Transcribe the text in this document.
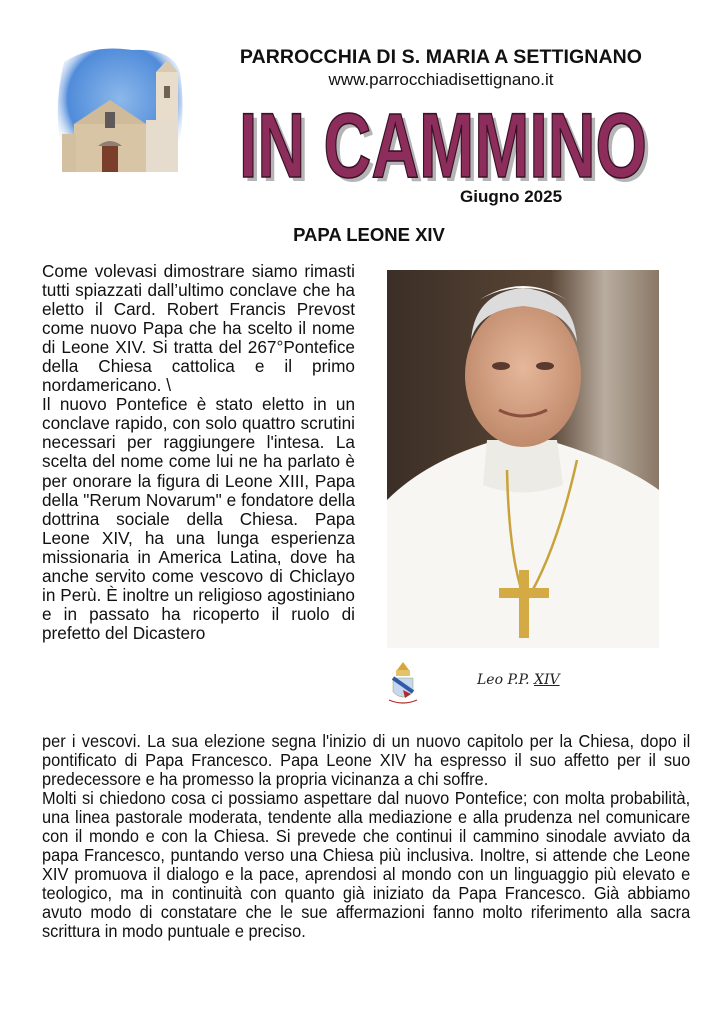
PARROCCHIA DI S. MARIA A SETTIGNANO
www.parrocchiadisettignano.it
IN CAMMINO
IN CAMMINO
Giugno 2025
PAPA LEONE XIV

Come volevasi dimostrare siamo rimasti tutti spiazzati dall’ultimo conclave che ha eletto il Card. Robert Francis Prevost come nuovo Papa che ha scelto il nome di Leone XIV. Si tratta del 267°Pontefice della Chiesa cattolica e il primo nordamericano. \

Il nuovo Pontefice è stato eletto in un conclave rapido, con solo quattro scrutini necessari per raggiungere l'intesa. La scelta del nome come lui ne ha parlato è per onorare la figura di Leone XIII, Papa della "Rerum Novarum" e fondatore della dottrina sociale della Chiesa. Papa Leone XIV, ha una lunga esperienza missionaria in America Latina, dove ha anche servito come vescovo di Chiclayo in Perù. È inoltre un religioso agostiniano e in passato ha ricoperto il ruolo di prefetto del Dicastero

Leo P.P. XIV

per i vescovi. La sua elezione segna l'inizio di un nuovo capitolo per la Chiesa, dopo il pontificato di Papa Francesco. Papa Leone XIV ha espresso il suo affetto per il suo predecessore e ha promesso la propria vicinanza a chi soffre.

Molti si chiedono cosa ci possiamo aspettare dal nuovo Pontefice; con molta probabilità, una linea pastorale moderata, tendente alla mediazione e alla prudenza nel comunicare con il mondo e con la Chiesa. Si prevede che continui il cammino sinodale avviato da papa Francesco, puntando verso una Chiesa più inclusiva. Inoltre, si attende che Leone XIV promuova il dialogo e la pace, aprendosi al mondo con un linguaggio più elevato e teologico, ma in continuità con quanto già iniziato da Papa Francesco. Già abbiamo avuto modo di constatare che le sue affermazioni fanno molto riferimento alla sacra scrittura in modo puntuale e preciso.
